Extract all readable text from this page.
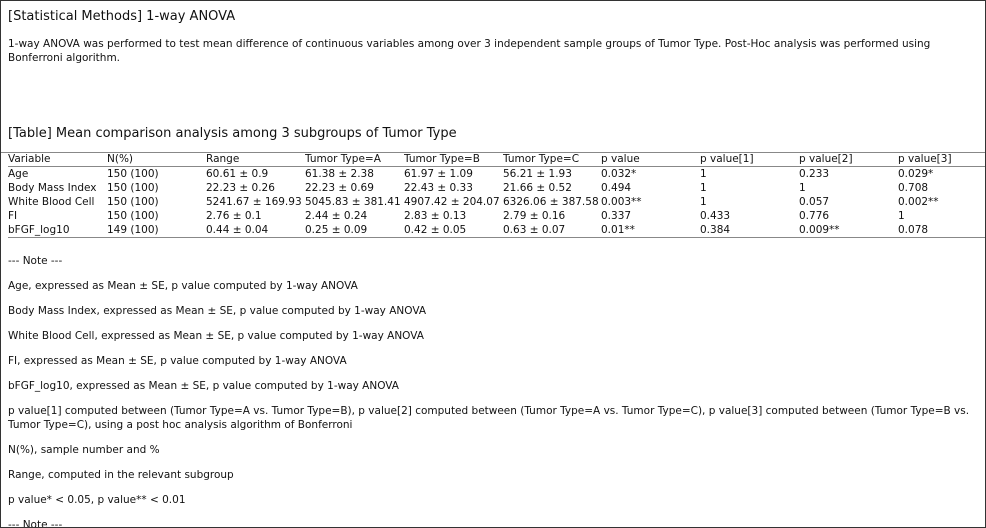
[Statistical Methods] 1-way ANOVA
1-way ANOVA was performed to test mean difference of continuous variables among over 3 independent sample groups of Tumor Type. Post-Hoc analysis was performed using Bonferroni algorithm.
[Table] Mean comparison analysis among 3 subgroups of Tumor Type
Variable	N(%)	Range	Tumor Type=A	Tumor Type=B	Tumor Type=C	p value	p value[1]	p value[2]	p value[3]
Age	150 (100)	60.61 ± 0.9	61.38 ± 2.38	61.97 ± 1.09	56.21 ± 1.93	0.032*	1	0.233	0.029*
Body Mass Index	150 (100)	22.23 ± 0.26	22.23 ± 0.69	22.43 ± 0.33	21.66 ± 0.52	0.494	1	1	0.708
White Blood Cell	150 (100)	5241.67 ± 169.93	5045.83 ± 381.41	4907.42 ± 204.07	6326.06 ± 387.58	0.003**	1	0.057	0.002**
FI	150 (100)	2.76 ± 0.1	2.44 ± 0.24	2.83 ± 0.13	2.79 ± 0.16	0.337	0.433	0.776	1
bFGF_log10	149 (100)	0.44 ± 0.04	0.25 ± 0.09	0.42 ± 0.05	0.63 ± 0.07	0.01**	0.384	0.009**	0.078
--- Note ---
Age, expressed as Mean ± SE, p value computed by 1-way ANOVA
Body Mass Index, expressed as Mean ± SE, p value computed by 1-way ANOVA
White Blood Cell, expressed as Mean ± SE, p value computed by 1-way ANOVA
FI, expressed as Mean ± SE, p value computed by 1-way ANOVA
bFGF_log10, expressed as Mean ± SE, p value computed by 1-way ANOVA
p value[1] computed between (Tumor Type=A vs. Tumor Type=B), p value[2] computed between (Tumor Type=A vs. Tumor Type=C), p value[3] computed between (Tumor Type=B vs. Tumor Type=C), using a post hoc analysis algorithm of Bonferroni
N(%), sample number and %
Range, computed in the relevant subgroup
p value* < 0.05, p value** < 0.01
--- Note ---
